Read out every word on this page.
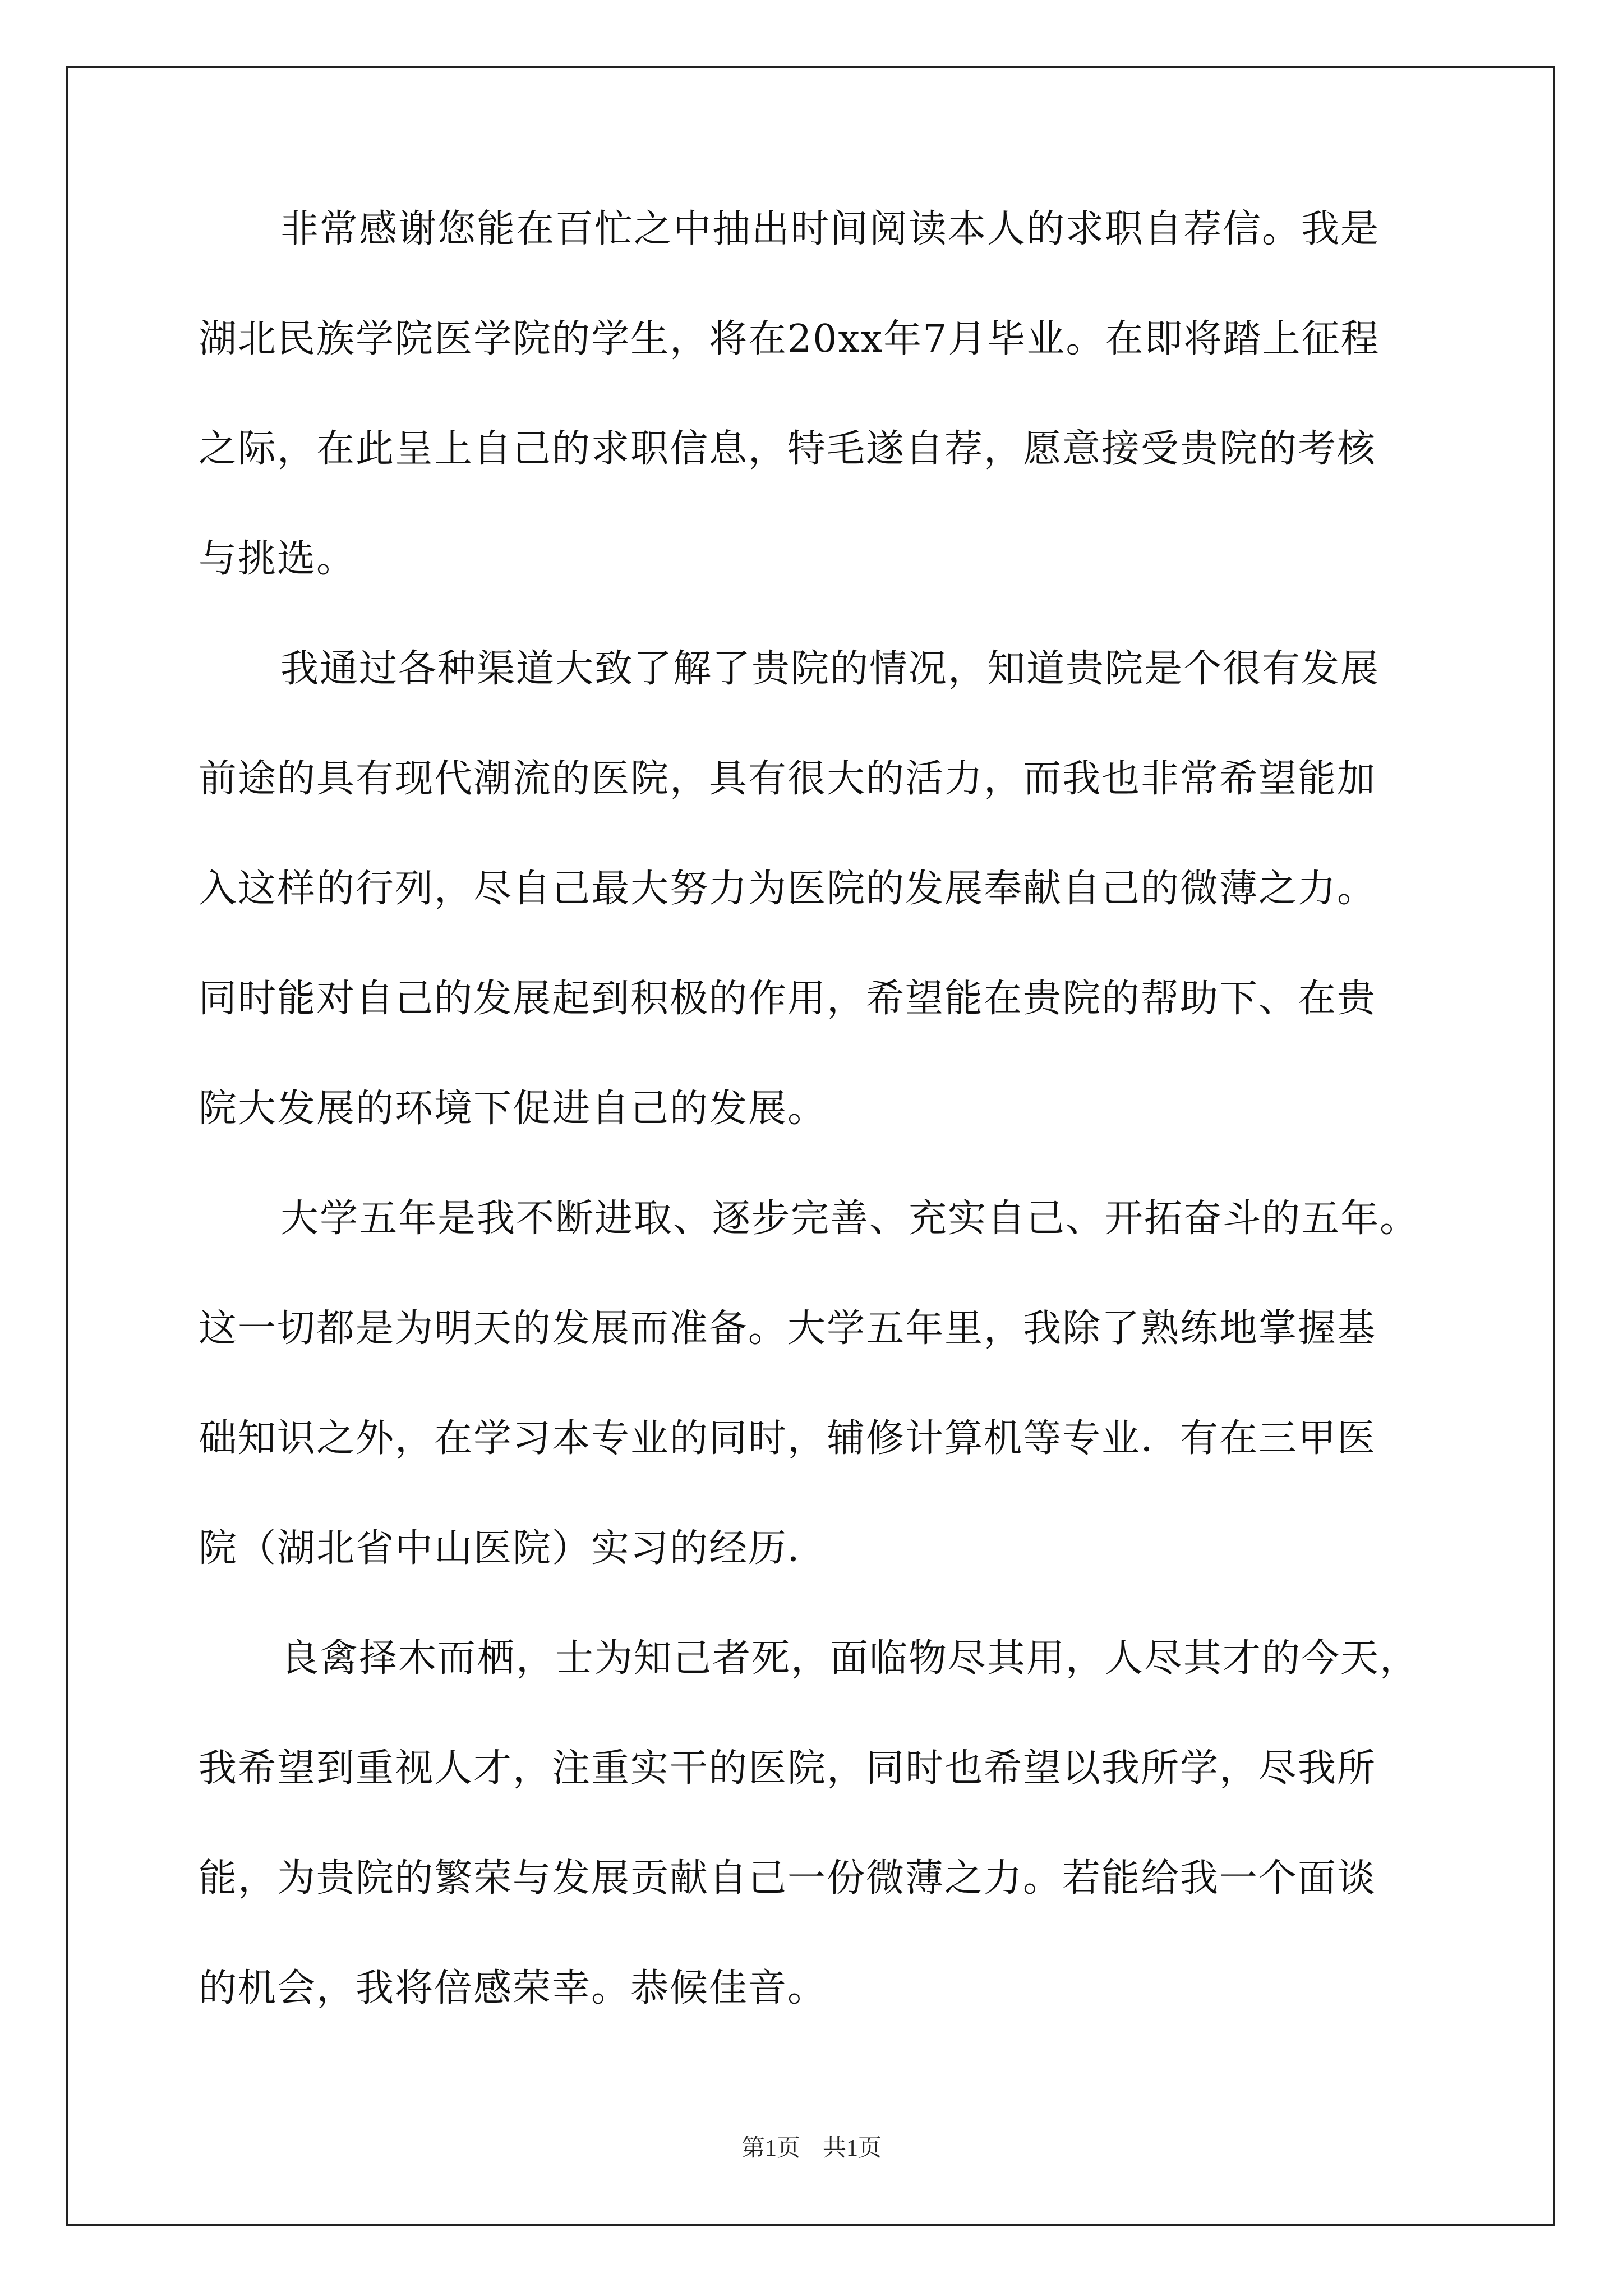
非常感谢您能在百忙之中抽出时间阅读本人的求职自荐信。我是
湖北民族学院医学院的学生，将在20xx年7月毕业。在即将踏上征程
之际，在此呈上自己的求职信息，特毛遂自荐，愿意接受贵院的考核
与挑选。
我通过各种渠道大致了解了贵院的情况，知道贵院是个很有发展
前途的具有现代潮流的医院，具有很大的活力，而我也非常希望能加
入这样的行列，尽自己最大努力为医院的发展奉献自己的微薄之力。
同时能对自己的发展起到积极的作用，希望能在贵院的帮助下、在贵
院大发展的环境下促进自己的发展。
大学五年是我不断进取、逐步完善、充实自己、开拓奋斗的五年。
这一切都是为明天的发展而准备。大学五年里，我除了熟练地掌握基
础知识之外，在学习本专业的同时，辅修计算机等专业．有在三甲医
院（湖北省中山医院）实习的经历．
良禽择木而栖，士为知己者死，面临物尽其用，人尽其才的今天，
我希望到重视人才，注重实干的医院，同时也希望以我所学，尽我所
能，为贵院的繁荣与发展贡献自己一份微薄之力。若能给我一个面谈
的机会，我将倍感荣幸。恭候佳音。
第1页 共1页
